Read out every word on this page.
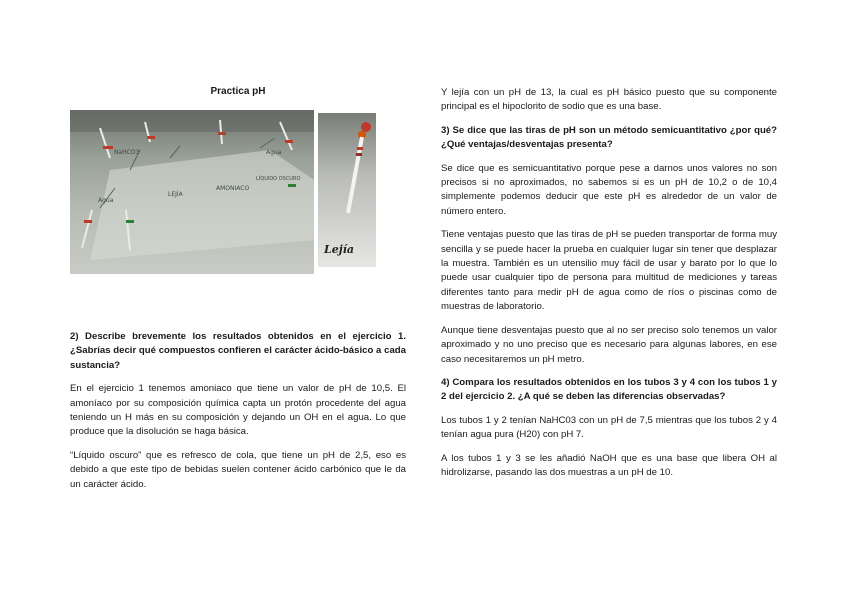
Practica pH
NaHCO3	Agua
LEJÍA
AMONIACO
LÍQUIDO OSCURO
Agua
Lejía

2) Describe brevemente los resultados obtenidos en el ejercicio 1. ¿Sabrías decir qué compuestos confieren el carácter ácido-básico a cada sustancia?

En el ejercicio 1 tenemos amoniaco que tiene un valor de pH de 10,5. El amoníaco por su composición química capta un protón procedente del agua teniendo un H más en su composición y dejando un OH en el agua. Lo que produce que la disolución se haga básica.

“Líquido oscuro” que es refresco de cola, que tiene un pH de 2,5, eso es debido a que este tipo de bebidas suelen contener ácido carbónico que le da un carácter ácido.

Y lejía con un pH de 13, la cual es pH básico puesto que su componente principal es el hipoclorito de sodio que es una base.

3) Se dice que las tiras de pH son un método semicuantitativo ¿por qué? ¿Qué ventajas/desventajas presenta?

Se dice que es semicuantitativo porque pese a darnos unos valores no son precisos si no aproximados, no sabemos si es un pH de 10,2 o de 10,4 simplemente podemos deducir que este pH es alrededor de un valor de número entero.

Tiene ventajas puesto que las tiras de pH se pueden transportar de forma muy sencilla y se puede hacer la prueba en cualquier lugar sin tener que desplazar la muestra. También es un utensilio muy fácil de usar y barato por lo que lo puede usar cualquier tipo de persona para multitud de mediciones y tareas diferentes tanto para medir pH de agua como de ríos o piscinas como de muestras de laboratorio.

Aunque tiene desventajas puesto que al no ser preciso solo tenemos un valor aproximado y no uno preciso que es necesario para algunas labores, en ese caso necesitaremos un pH metro.

4) Compara los resultados obtenidos en los tubos 3 y 4 con los tubos 1 y 2 del ejercicio 2. ¿A qué se deben las diferencias observadas?

Los tubos 1 y 2 tenían NaHC03 con un pH de 7,5 mientras que los tubos 2 y 4 tenían agua pura (H20) con pH 7.

A los tubos 1 y 3 se les añadió NaOH que es una base que libera OH al hidrolizarse, pasando las dos muestras a un pH de 10.
